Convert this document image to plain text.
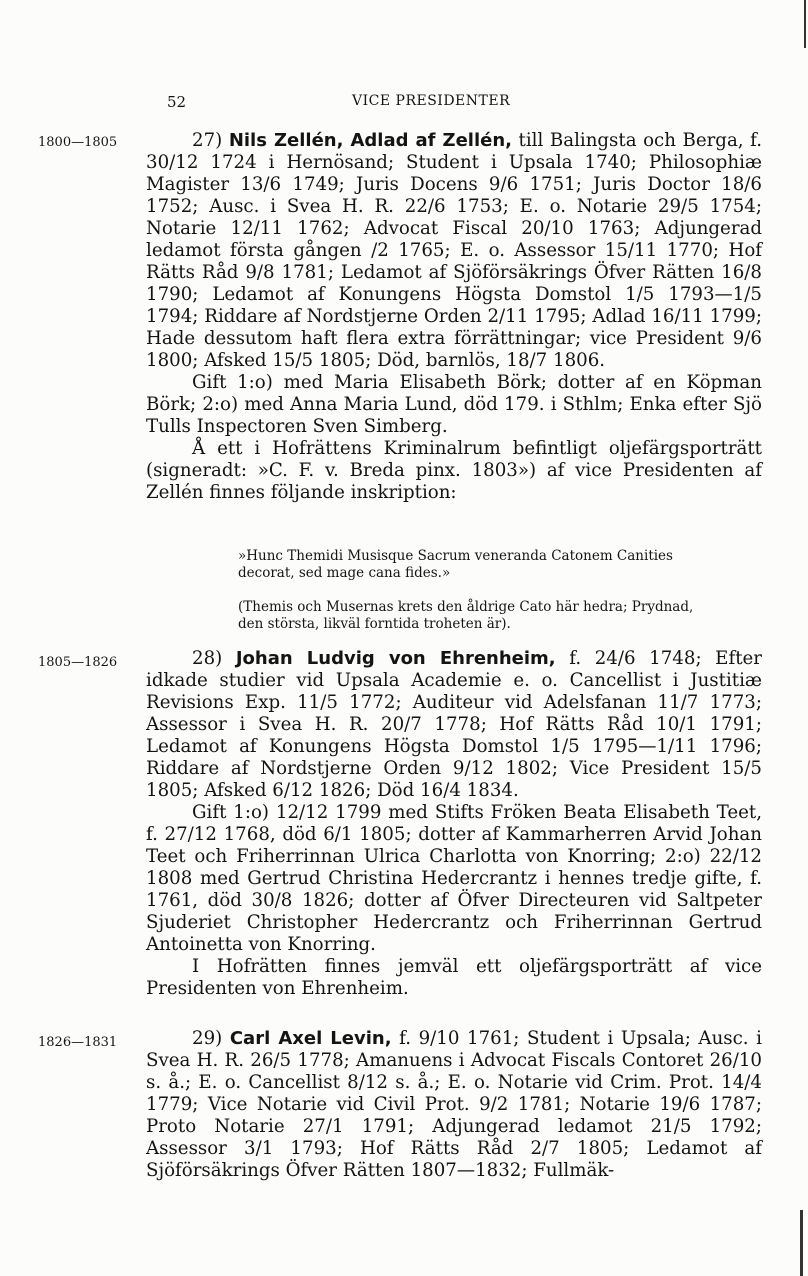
52	VICE PRESIDENTER
1800—1805	27) Nils Zellén, Adlad af Zellén, till Balingsta och Berga, f. 30/12 1724 i Hernösand; Student i Upsala 1740; Philosophiæ Magister 13/6 1749; Juris Docens 9/6 1751; Juris Doctor 18/6 1752; Ausc. i Svea H. R. 22/6 1753; E. o. Notarie 29/5 1754; Notarie 12/11 1762; Advocat Fiscal 20/10 1763; Adjungerad ledamot första gången /2 1765; E. o. Assessor 15/11 1770; Hof Rätts Råd 9/8 1781; Ledamot af Sjöförsäkrings Öfver Rätten 16/8 1790; Ledamot af Konungens Högsta Domstol 1/5 1793—1/5 1794; Riddare af Nordstjerne Orden 2/11 1795; Adlad 16/11 1799; Hade dessutom haft flera extra förrättningar; vice President 9/6 1800; Afsked 15/5 1805; Död, barnlös, 18/7 1806.

Gift 1:o) med Maria Elisabeth Börk; dotter af en Köpman Börk; 2:o) med Anna Maria Lund, död 179. i Sthlm; Enka efter Sjö Tulls Inspectoren Sven Simberg.

Å ett i Hofrättens Kriminalrum befintligt oljefärgsporträtt (signeradt: »C. F. v. Breda pinx. 1803») af vice Presidenten af Zellén finnes följande inskription:

»Hunc Themidi Musisque Sacrum veneranda Catonem Canities decorat, sed mage cana fides.»

(Themis och Musernas krets den åldrige Cato här hedra; Prydnad, den största, likväl forntida troheten är).

1805—1826	28) Johan Ludvig von Ehrenheim, f. 24/6 1748; Efter idkade studier vid Upsala Academie e. o. Cancellist i Justitiæ Revisions Exp. 11/5 1772; Auditeur vid Adelsfanan 11/7 1773; Assessor i Svea H. R. 20/7 1778; Hof Rätts Råd 10/1 1791; Ledamot af Konungens Högsta Domstol 1/5 1795—1/11 1796; Riddare af Nordstjerne Orden 9/12 1802; Vice President 15/5 1805; Afsked 6/12 1826; Död 16/4 1834.

Gift 1:o) 12/12 1799 med Stifts Fröken Beata Elisabeth Teet, f. 27/12 1768, död 6/1 1805; dotter af Kammarherren Arvid Johan Teet och Friherrinnan Ulrica Charlotta von Knorring; 2:o) 22/12 1808 med Gertrud Christina Hedercrantz i hennes tredje gifte, f. 1761, död 30/8 1826; dotter af Öfver Directeuren vid Saltpeter Sjuderiet Christopher Hedercrantz och Friherrinnan Gertrud Antoinetta von Knorring.

I Hofrätten finnes jemväl ett oljefärgsporträtt af vice Presidenten von Ehrenheim.

1826—1831	29) Carl Axel Levin, f. 9/10 1761; Student i Upsala; Ausc. i Svea H. R. 26/5 1778; Amanuens i Advocat Fiscals Contoret 26/10 s. å.; E. o. Cancellist 8/12 s. å.; E. o. Notarie vid Crim. Prot. 14/4 1779; Vice Notarie vid Civil Prot. 9/2 1781; Notarie 19/6 1787; Proto Notarie 27/1 1791; Adjungerad ledamot 21/5 1792; Assessor 3/1 1793; Hof Rätts Råd 2/7 1805; Ledamot af Sjöförsäkrings Öfver Rätten 1807—1832; Fullmäk-
